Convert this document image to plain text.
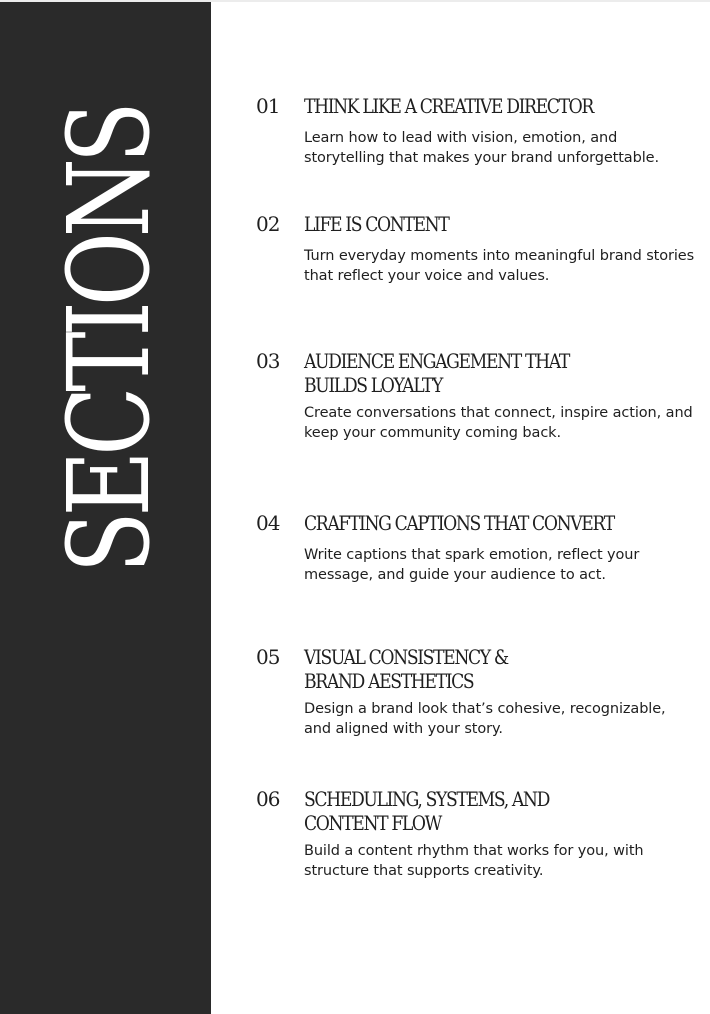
SECTIONS
01 THINK LIKE A CREATIVE DIRECTOR
Learn how to lead with vision, emotion, and storytelling that makes your brand unforgettable.
02 LIFE IS CONTENT
Turn everyday moments into meaningful brand stories that reflect your voice and values.
03 AUDIENCE ENGAGEMENT THAT BUILDS LOYALTY
Create conversations that connect, inspire action, and keep your community coming back.
04 CRAFTING CAPTIONS THAT CONVERT
Write captions that spark emotion, reflect your message, and guide your audience to act.
05 VISUAL CONSISTENCY & BRAND AESTHETICS
Design a brand look that’s cohesive, recognizable, and aligned with your story.
06 SCHEDULING, SYSTEMS, AND CONTENT FLOW
Build a content rhythm that works for you, with structure that supports creativity.
